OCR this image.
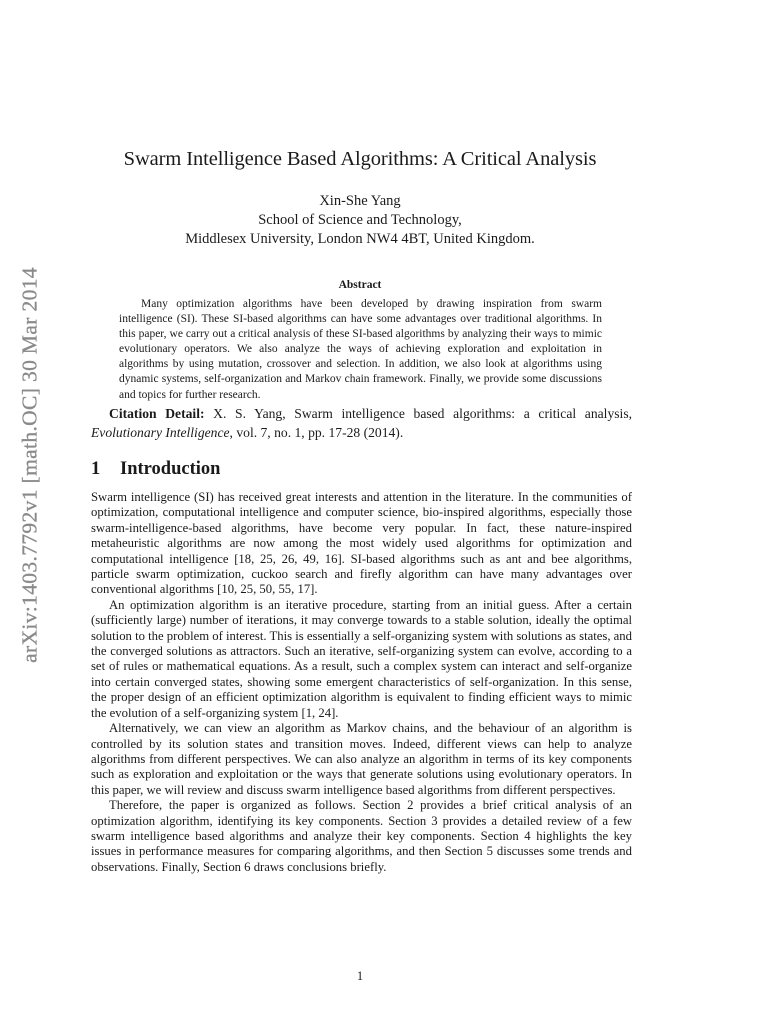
arXiv:1403.7792v1 [math.OC] 30 Mar 2014
Swarm Intelligence Based Algorithms: A Critical Analysis
Xin-She Yang
School of Science and Technology,
Middlesex University, London NW4 4BT, United Kingdom.
Abstract
Many optimization algorithms have been developed by drawing inspiration from swarm intelligence (SI). These SI-based algorithms can have some advantages over traditional algorithms. In this paper, we carry out a critical analysis of these SI-based algorithms by analyzing their ways to mimic evolutionary operators. We also analyze the ways of achieving exploration and exploitation in algorithms by using mutation, crossover and selection. In addition, we also look at algorithms using dynamic systems, self-organization and Markov chain framework. Finally, we provide some discussions and topics for further research.
Citation Detail: X. S. Yang, Swarm intelligence based algorithms: a critical analysis, Evolutionary Intelligence, vol. 7, no. 1, pp. 17-28 (2014).
1 Introduction

Swarm intelligence (SI) has received great interests and attention in the literature. In the communities of optimization, computational intelligence and computer science, bio-inspired algorithms, especially those swarm-intelligence-based algorithms, have become very popular. In fact, these nature-inspired metaheuristic algorithms are now among the most widely used algorithms for optimization and computational intelligence [18, 25, 26, 49, 16]. SI-based algorithms such as ant and bee algorithms, particle swarm optimization, cuckoo search and firefly algorithm can have many advantages over conventional algorithms [10, 25, 50, 55, 17].

An optimization algorithm is an iterative procedure, starting from an initial guess. After a certain (sufficiently large) number of iterations, it may converge towards to a stable solution, ideally the optimal solution to the problem of interest. This is essentially a self-organizing system with solutions as states, and the converged solutions as attractors. Such an iterative, self-organizing system can evolve, according to a set of rules or mathematical equations. As a result, such a complex system can interact and self-organize into certain converged states, showing some emergent characteristics of self-organization. In this sense, the proper design of an efficient optimization algorithm is equivalent to finding efficient ways to mimic the evolution of a self-organizing system [1, 24].

Alternatively, we can view an algorithm as Markov chains, and the behaviour of an algorithm is controlled by its solution states and transition moves. Indeed, different views can help to analyze algorithms from different perspectives. We can also analyze an algorithm in terms of its key components such as exploration and exploitation or the ways that generate solutions using evolutionary operators. In this paper, we will review and discuss swarm intelligence based algorithms from different perspectives.

Therefore, the paper is organized as follows. Section 2 provides a brief critical analysis of an optimization algorithm, identifying its key components. Section 3 provides a detailed review of a few swarm intelligence based algorithms and analyze their key components. Section 4 highlights the key issues in performance measures for comparing algorithms, and then Section 5 discusses some trends and observations. Finally, Section 6 draws conclusions briefly.

1
